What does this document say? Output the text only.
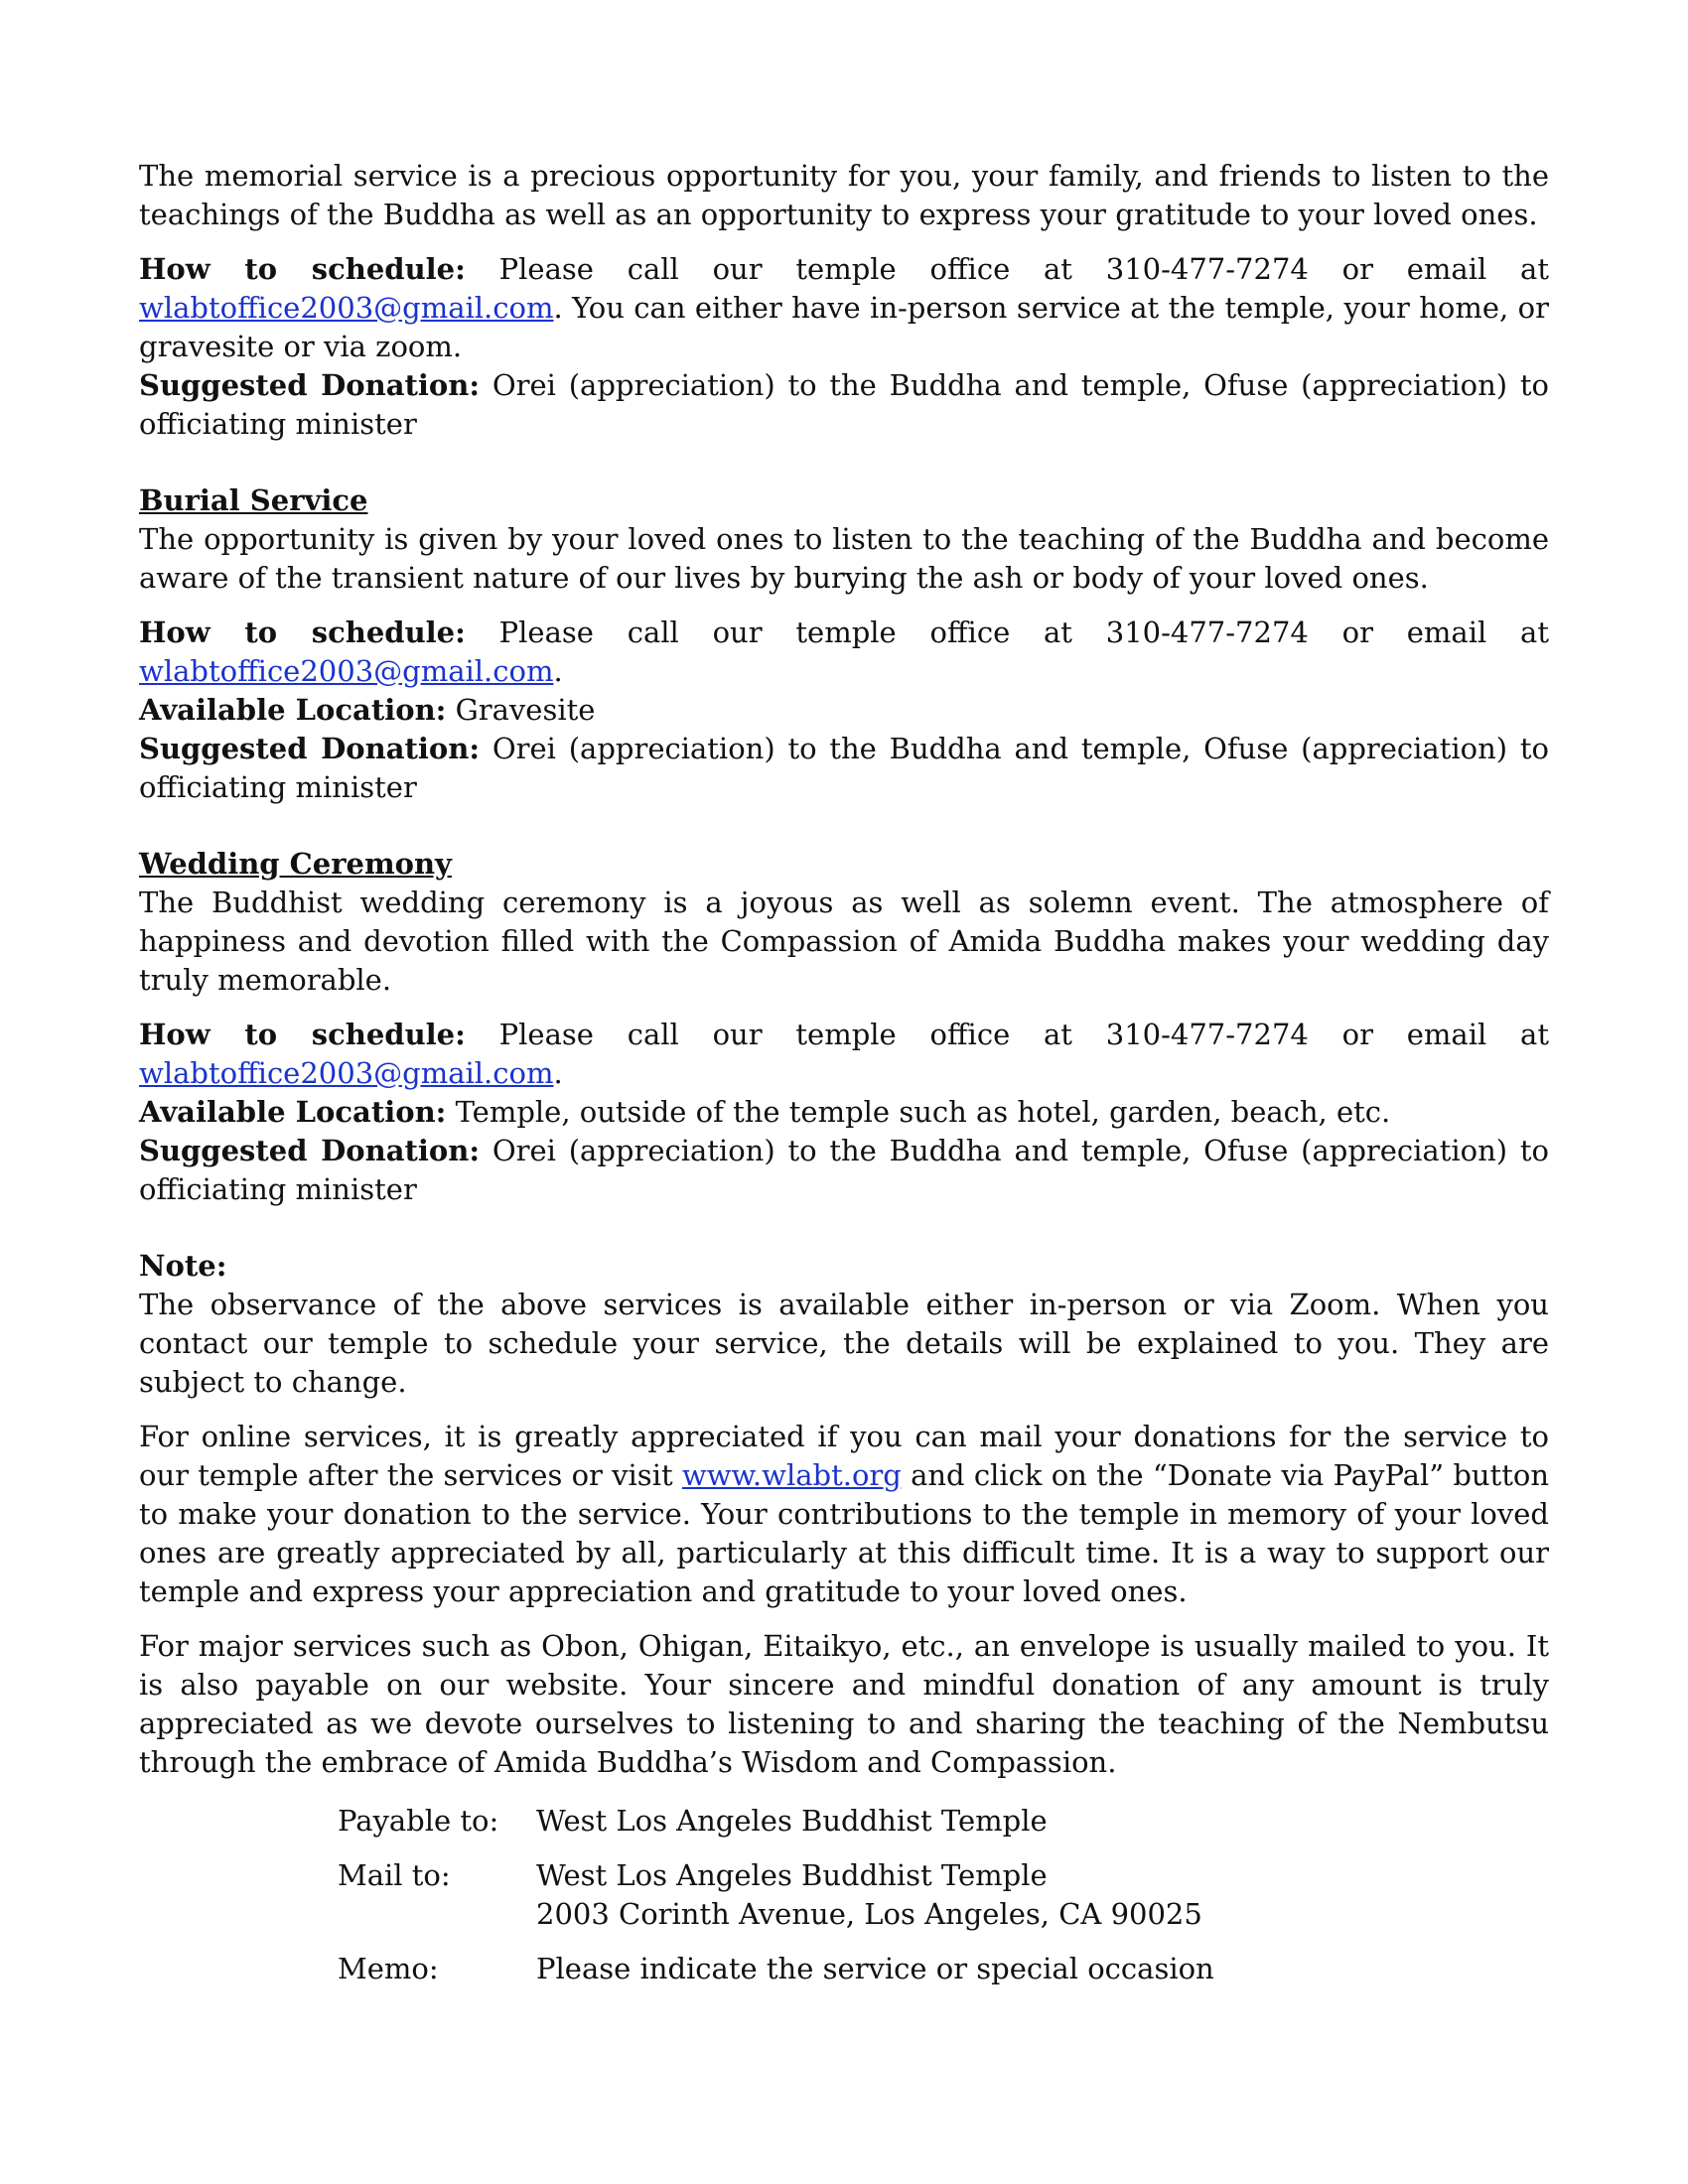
The memorial service is a precious opportunity for you, your family, and friends to listen to the teachings of the Buddha as well as an opportunity to express your gratitude to your loved ones.

How to schedule: Please call our temple office at 310-477-7274 or email at wlabtoffice2003@gmail.com. You can either have in-person service at the temple, your home, or gravesite or via zoom.

Suggested Donation: Orei (appreciation) to the Buddha and temple, Ofuse (appreciation) to officiating minister

Burial Service

The opportunity is given by your loved ones to listen to the teaching of the Buddha and become aware of the transient nature of our lives by burying the ash or body of your loved ones.

How to schedule: Please call our temple office at 310-477-7274 or email at

wlabtoffice2003@gmail.com.

Available Location: Gravesite

Suggested Donation: Orei (appreciation) to the Buddha and temple, Ofuse (appreciation) to officiating minister

Wedding Ceremony

The Buddhist wedding ceremony is a joyous as well as solemn event. The atmosphere of happiness and devotion filled with the Compassion of Amida Buddha makes your wedding day truly memorable.

How to schedule: Please call our temple office at 310-477-7274 or email at

wlabtoffice2003@gmail.com.

Available Location: Temple, outside of the temple such as hotel, garden, beach, etc.

Suggested Donation: Orei (appreciation) to the Buddha and temple, Ofuse (appreciation) to officiating minister

Note:

The observance of the above services is available either in-person or via Zoom. When you contact our temple to schedule your service, the details will be explained to you. They are subject to change.

For online services, it is greatly appreciated if you can mail your donations for the service to our temple after the services or visit www.wlabt.org and click on the “Donate via PayPal” button to make your donation to the service. Your contributions to the temple in memory of your loved ones are greatly appreciated by all, particularly at this difficult time. It is a way to support our temple and express your appreciation and gratitude to your loved ones.

For major services such as Obon, Ohigan, Eitaikyo, etc., an envelope is usually mailed to you. It is also payable on our website. Your sincere and mindful donation of any amount is truly appreciated as we devote ourselves to listening to and sharing the teaching of the Nembutsu through the embrace of Amida Buddha’s Wisdom and Compassion.

Payable to:	West Los Angeles Buddhist Temple
Mail to:	West Los Angeles Buddhist Temple
2003 Corinth Avenue, Los Angeles, CA 90025
Memo:	Please indicate the service or special occasion
